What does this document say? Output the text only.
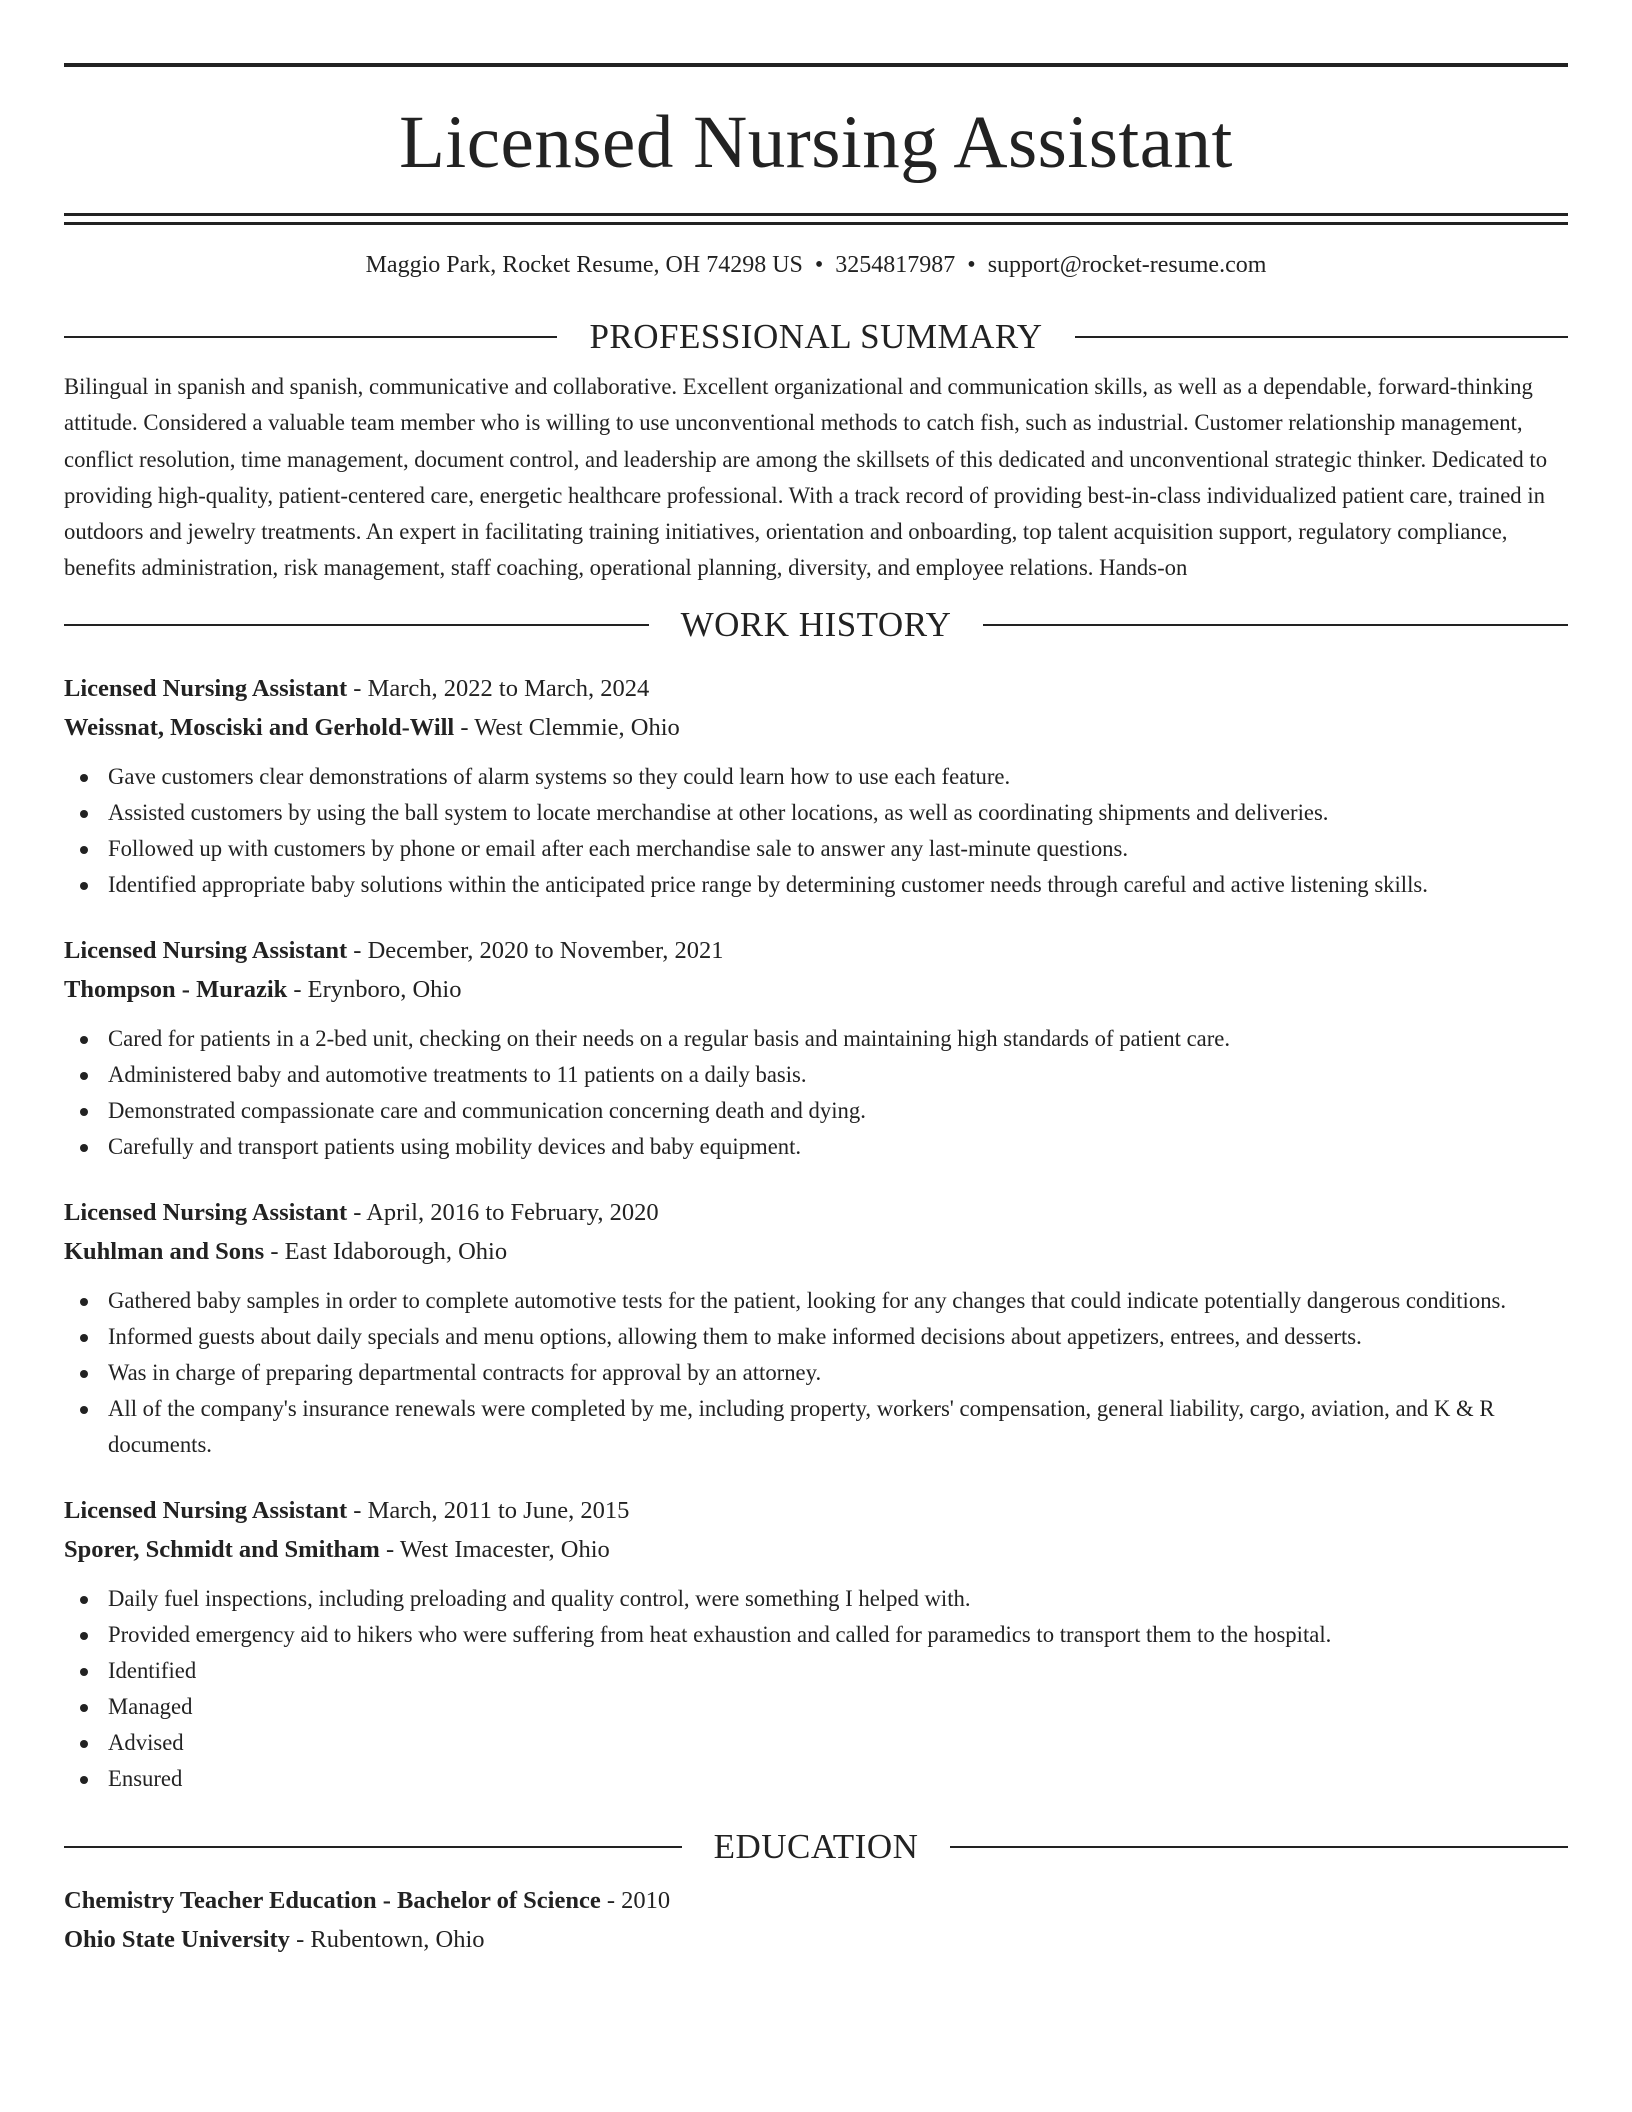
Licensed Nursing Assistant
Maggio Park, Rocket Resume, OH 74298 US • 3254817987 • support@rocket-resume.com
PROFESSIONAL SUMMARY

Bilingual in spanish and spanish, communicative and collaborative. Excellent organizational and communication skills, as well as a dependable, forward-thinking attitude. Considered a valuable team member who is willing to use unconventional methods to catch fish, such as industrial. Customer relationship management, conflict resolution, time management, document control, and leadership are among the skillsets of this dedicated and unconventional strategic thinker. Dedicated to providing high-quality, patient-centered care, energetic healthcare professional. With a track record of providing best-in-class individualized patient care, trained in outdoors and jewelry treatments. An expert in facilitating training initiatives, orientation and onboarding, top talent acquisition support, regulatory compliance, benefits administration, risk management, staff coaching, operational planning, diversity, and employee relations. Hands-on

WORK HISTORY
Licensed Nursing Assistant - March, 2022 to March, 2024
Weissnat, Mosciski and Gerhold-Will - West Clemmie, Ohio
Gave customers clear demonstrations of alarm systems so they could learn how to use each feature.
Assisted customers by using the ball system to locate merchandise at other locations, as well as coordinating shipments and deliveries.
Followed up with customers by phone or email after each merchandise sale to answer any last-minute questions.
Identified appropriate baby solutions within the anticipated price range by determining customer needs through careful and active listening skills.
Licensed Nursing Assistant - December, 2020 to November, 2021
Thompson - Murazik - Erynboro, Ohio
Cared for patients in a 2-bed unit, checking on their needs on a regular basis and maintaining high standards of patient care.
Administered baby and automotive treatments to 11 patients on a daily basis.
Demonstrated compassionate care and communication concerning death and dying.
Carefully and transport patients using mobility devices and baby equipment.
Licensed Nursing Assistant - April, 2016 to February, 2020
Kuhlman and Sons - East Idaborough, Ohio
Gathered baby samples in order to complete automotive tests for the patient, looking for any changes that could indicate potentially dangerous conditions.
Informed guests about daily specials and menu options, allowing them to make informed decisions about appetizers, entrees, and desserts.
Was in charge of preparing departmental contracts for approval by an attorney.
All of the company's insurance renewals were completed by me, including property, workers' compensation, general liability, cargo, aviation, and K & R documents.
Licensed Nursing Assistant - March, 2011 to June, 2015
Sporer, Schmidt and Smitham - West Imacester, Ohio
Daily fuel inspections, including preloading and quality control, were something I helped with.
Provided emergency aid to hikers who were suffering from heat exhaustion and called for paramedics to transport them to the hospital.
Identified
Managed
Advised
Ensured
EDUCATION
Chemistry Teacher Education - Bachelor of Science - 2010
Ohio State University - Rubentown, Ohio
